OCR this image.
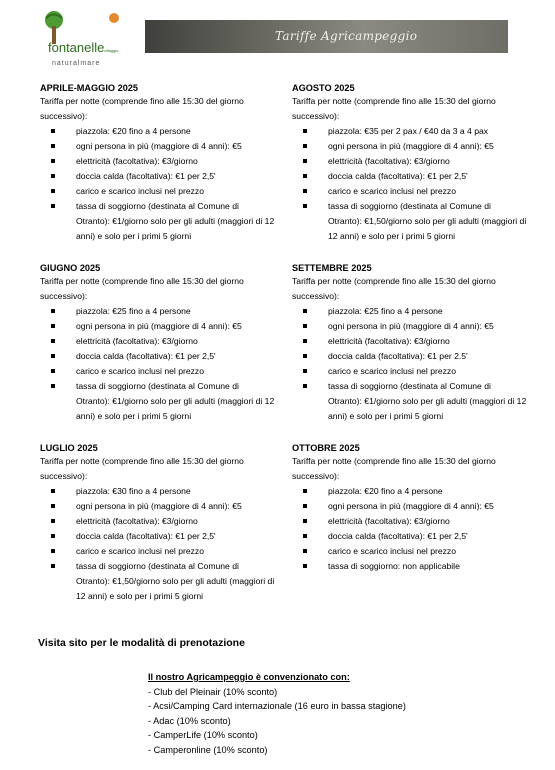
fontanelle villaggio
naturalmare
Tariffe Agricampeggio
APRILE-MAGGIO 2025
Tariffa per notte (comprende fino alle 15:30 del giorno successivo):
piazzola: €20 fino a 4 persone
ogni persona in più (maggiore di 4 anni): €5
elettricità (facoltativa): €3/giorno
doccia calda (facoltativa): €1 per 2,5'
carico e scarico inclusi nel prezzo
tassa di soggiorno (destinata al Comune di Otranto): €1/giorno solo per gli adulti (maggiori di 12 anni) e solo per i primi 5 giorni
AGOSTO 2025
Tariffa per notte (comprende fino alle 15:30 del giorno successivo):
piazzola: €35 per 2 pax / €40 da 3 a 4 pax
ogni persona in più (maggiore di 4 anni): €5
elettricità (facoltativa): €3/giorno
doccia calda (facoltativa): €1 per 2,5'
carico e scarico inclusi nel prezzo
tassa di soggiorno (destinata al Comune di Otranto): €1,50/giorno solo per gli adulti (maggiori di 12 anni) e solo per i primi 5 giorni
GIUGNO 2025
Tariffa per notte (comprende fino alle 15:30 del giorno successivo):
piazzola: €25 fino a 4 persone
ogni persona in più (maggiore di 4 anni): €5
elettricità (facoltativa): €3/giorno
doccia calda (facoltativa): €1 per 2,5'
carico e scarico inclusi nel prezzo
tassa di soggiorno (destinata al Comune di Otranto): €1/giorno solo per gli adulti (maggiori di 12 anni) e solo per i primi 5 giorni
SETTEMBRE 2025
Tariffa per notte (comprende fino alle 15:30 del giorno successivo):
piazzola: €25 fino a 4 persone
ogni persona in più (maggiore di 4 anni): €5
elettricità (facoltativa): €3/giorno
doccia calda (facoltativa): €1 per 2.5'
carico e scarico inclusi nel prezzo
tassa di soggiorno (destinata al Comune di Otranto): €1/giorno solo per gli adulti (maggiori di 12 anni) e solo per i primi 5 giorni
LUGLIO 2025
Tariffa per notte (comprende fino alle 15:30 del giorno successivo):
piazzola: €30 fino a 4 persone
ogni persona in più (maggiore di 4 anni): €5
elettricità (facoltativa): €3/giorno
doccia calda (facoltativa): €1 per 2,5'
carico e scarico inclusi nel prezzo
tassa di soggiorno (destinata al Comune di Otranto): €1,50/giorno solo per gli adulti (maggiori di 12 anni) e solo per i primi 5 giorni
OTTOBRE 2025
Tariffa per notte (comprende fino alle 15:30 del giorno successivo):
piazzola: €20 fino a 4 persone
ogni persona in più (maggiore di 4 anni): €5
elettricità (facoltativa): €3/giorno
doccia calda (facoltativa): €1 per 2,5'
carico e scarico inclusi nel prezzo
tassa di soggiorno: non applicabile
Visita sito per le modalità di prenotazione
Il nostro Agricampeggio è convenzionato con:
- Club del Pleinair (10% sconto)
- Acsi/Camping Card internazionale (16 euro in bassa stagione)
- Adac (10% sconto)
- CamperLife (10% sconto)
- Camperonline (10% sconto)
